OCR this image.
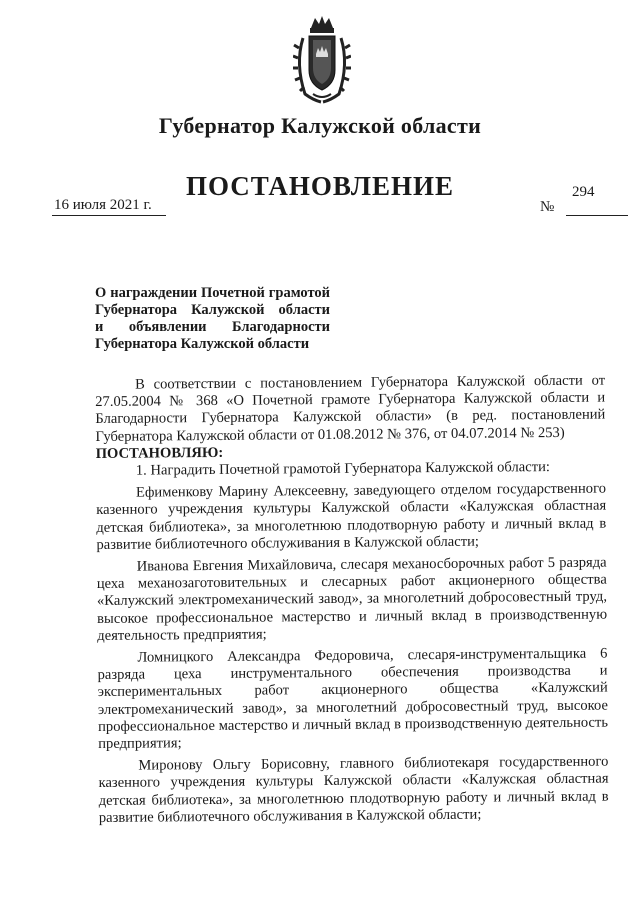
Губернатор Калужской области
ПОСТАНОВЛЕНИЕ
16 июля 2021 г.	№
294
О награждении Почетной грамотой
Губернатора Калужской области
и объявлении Благодарности
Губернатора Калужской области

В соответствии с постановлением Губернатора Калужской области от 27.05.2004 № 368 «О Почетной грамоте Губернатора Калужской области и Благодарности Губернатора Калужской области» (в ред. постановлений Губернатора Калужской области от 01.08.2012 № 376, от 04.07.2014 № 253)

ПОСТАНОВЛЯЮ:

1. Наградить Почетной грамотой Губернатора Калужской области:

Ефименкову Марину Алексеевну, заведующего отделом государственного казенного учреждения культуры Калужской области «Калужская областная детская библиотека», за многолетнюю плодотворную работу и личный вклад в развитие библиотечного обслуживания в Калужской области;

Иванова Евгения Михайловича, слесаря механосборочных работ 5 разряда цеха механозаготовительных и слесарных работ акционерного общества «Калужский электромеханический завод», за многолетний добросовестный труд, высокое профессиональное мастерство и личный вклад в производственную деятельность предприятия;

Ломницкого Александра Федоровича, слесаря-инструментальщика 6 разряда цеха инструментального обеспечения производства и экспериментальных работ акционерного общества «Калужский электромеханический завод», за многолетний добросовестный труд, высокое профессиональное мастерство и личный вклад в производственную деятельность предприятия;

Миронову Ольгу Борисовну, главного библиотекаря государственного казенного учреждения культуры Калужской области «Калужская областная детская библиотека», за многолетнюю плодотворную работу и личный вклад в развитие библиотечного обслуживания в Калужской области;
